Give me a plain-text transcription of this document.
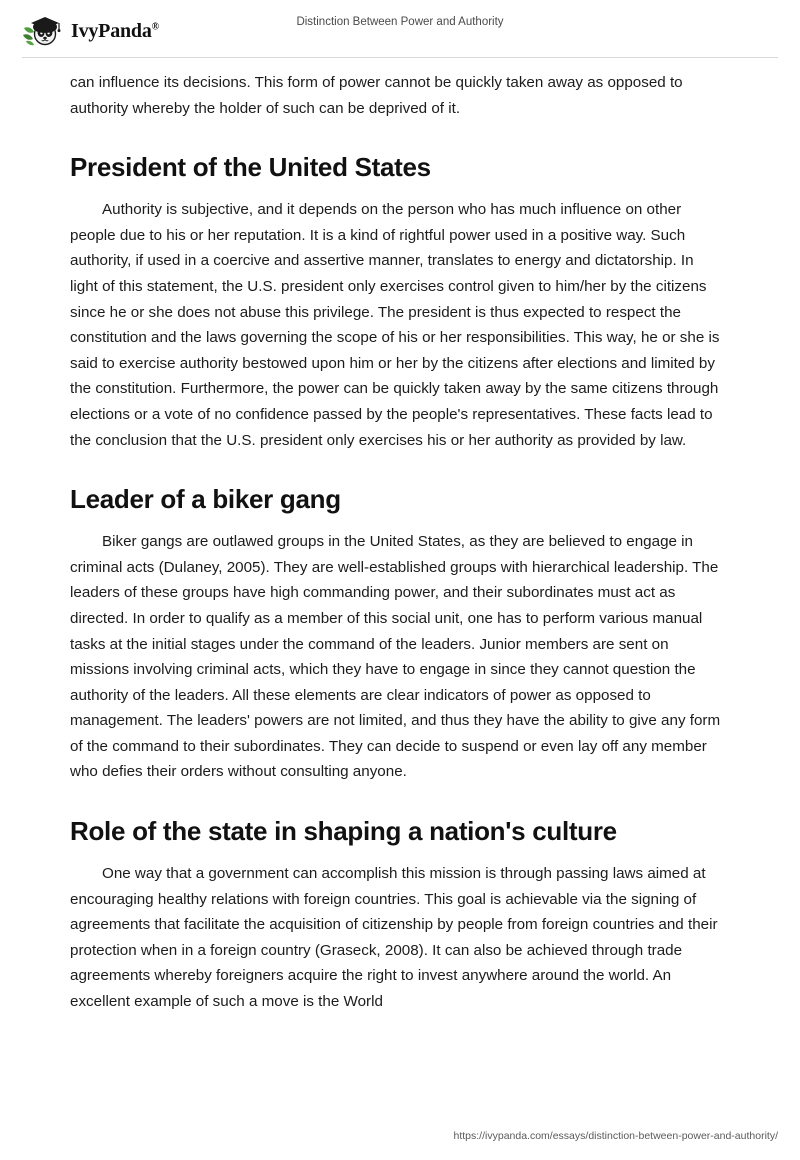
IvyPanda®	Distinction Between Power and Authority

can influence its decisions. This form of power cannot be quickly taken away as opposed to authority whereby the holder of such can be deprived of it.

President of the United States

Authority is subjective, and it depends on the person who has much influence on other people due to his or her reputation. It is a kind of rightful power used in a positive way. Such authority, if used in a coercive and assertive manner, translates to energy and dictatorship. In light of this statement, the U.S. president only exercises control given to him/her by the citizens since he or she does not abuse this privilege. The president is thus expected to respect the constitution and the laws governing the scope of his or her responsibilities. This way, he or she is said to exercise authority bestowed upon him or her by the citizens after elections and limited by the constitution. Furthermore, the power can be quickly taken away by the same citizens through elections or a vote of no confidence passed by the people's representatives. These facts lead to the conclusion that the U.S. president only exercises his or her authority as provided by law.

Leader of a biker gang

Biker gangs are outlawed groups in the United States, as they are believed to engage in criminal acts (Dulaney, 2005). They are well-established groups with hierarchical leadership. The leaders of these groups have high commanding power, and their subordinates must act as directed. In order to qualify as a member of this social unit, one has to perform various manual tasks at the initial stages under the command of the leaders. Junior members are sent on missions involving criminal acts, which they have to engage in since they cannot question the authority of the leaders. All these elements are clear indicators of power as opposed to management. The leaders' powers are not limited, and thus they have the ability to give any form of the command to their subordinates. They can decide to suspend or even lay off any member who defies their orders without consulting anyone.

Role of the state in shaping a nation's culture

One way that a government can accomplish this mission is through passing laws aimed at encouraging healthy relations with foreign countries. This goal is achievable via the signing of agreements that facilitate the acquisition of citizenship by people from foreign countries and their protection when in a foreign country (Graseck, 2008). It can also be achieved through trade agreements whereby foreigners acquire the right to invest anywhere around the world. An excellent example of such a move is the World

https://ivypanda.com/essays/distinction-between-power-and-authority/
